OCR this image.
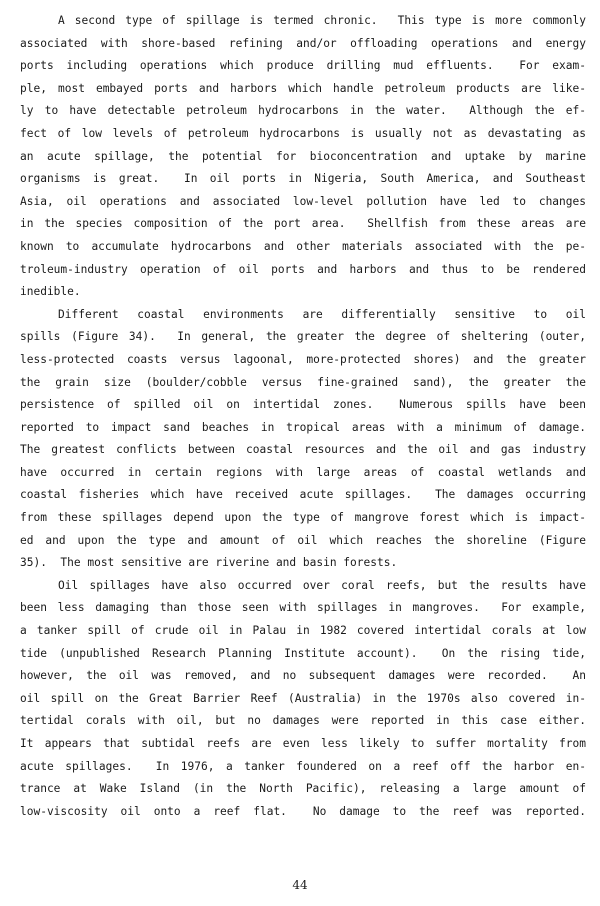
A second type of spillage is termed chronic.  This type is more commonly
associated with shore-based refining and/or offloading operations and energy
ports including operations which produce drilling mud effluents.  For exam-
ple, most embayed ports and harbors which handle petroleum products are like-
ly to have detectable petroleum hydrocarbons in the water.  Although the ef-
fect of low levels of petroleum hydrocarbons is usually not as devastating as
an acute spillage, the potential for bioconcentration and uptake by marine
organisms is great.  In oil ports in Nigeria, South America, and Southeast
Asia, oil operations and associated low-level pollution have led to changes
in the species composition of the port area.  Shellfish from these areas are
known to accumulate hydrocarbons and other materials associated with the pe-
troleum-industry operation of oil ports and harbors and thus to be rendered
inedible.
Different coastal environments are differentially sensitive to oil
spills (Figure 34).  In general, the greater the degree of sheltering (outer,
less-protected coasts versus lagoonal, more-protected shores) and the greater
the grain size (boulder/cobble versus fine-grained sand), the greater the
persistence of spilled oil on intertidal zones.  Numerous spills have been
reported to impact sand beaches in tropical areas with a minimum of damage.
The greatest conflicts between coastal resources and the oil and gas industry
have occurred in certain regions with large areas of coastal wetlands and
coastal fisheries which have received acute spillages.  The damages occurring
from these spillages depend upon the type of mangrove forest which is impact-
ed and upon the type and amount of oil which reaches the shoreline (Figure
35).  The most sensitive are riverine and basin forests.
Oil spillages have also occurred over coral reefs, but the results have
been less damaging than those seen with spillages in mangroves.  For example,
a tanker spill of crude oil in Palau in 1982 covered intertidal corals at low
tide (unpublished Research Planning Institute account).  On the rising tide,
however, the oil was removed, and no subsequent damages were recorded.  An
oil spill on the Great Barrier Reef (Australia) in the 1970s also covered in-
tertidal corals with oil, but no damages were reported in this case either.
It appears that subtidal reefs are even less likely to suffer mortality from
acute spillages.  In 1976, a tanker foundered on a reef off the harbor en-
trance at Wake Island (in the North Pacific), releasing a large amount of
low-viscosity oil onto a reef flat.  No damage to the reef was reported.
44
